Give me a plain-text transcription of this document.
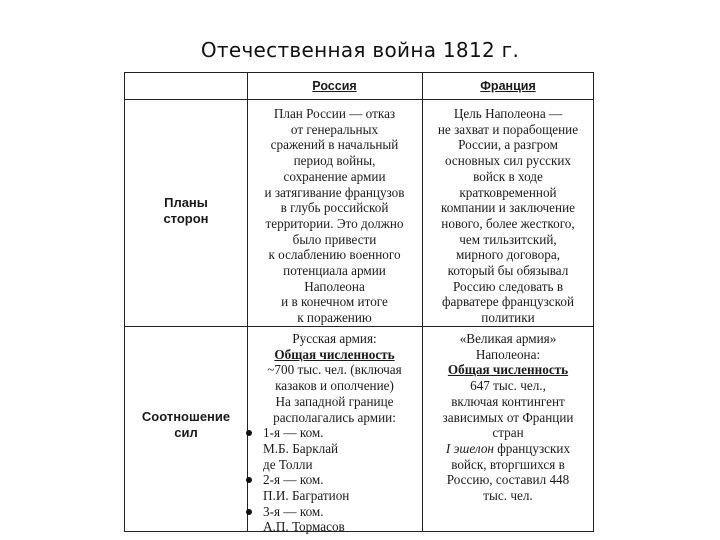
Отечественная война 1812 г.
Россия	Франция
Планы
сторон
Соотношение
сил
План России — отказ
от генеральных
сражений в начальный
период войны,
сохранение армии
и затягивание французов
в глубь российской
территории. Это должно
было привести
к ослаблению военного
потенциала армии
Наполеона
и в конечном итоге
к поражению
Цель Наполеона —
не захват и порабощение
России, а разгром
основных сил русских
войск в ходе
кратковременной
компании и заключение
нового, более жесткого,
чем тильзитский,
мирного договора,
который бы обязывал
Россию следовать в
фарватере французской
политики
Русская армия:
Общая численность
~700 тыс. чел. (включая
казаков и ополчение)
На западной границе
располагались армии:
1-я — ком.
М.Б. Барклай
де Толли
2-я — ком.
П.И. Багратион
3-я — ком.
А.П. Тормасов
«Великая армия»
Наполеона:
Общая численность
647 тыс. чел.,
включая контингент
зависимых от Франции
стран
I эшелон французских
войск, вторгшихся в
Россию, составил 448
тыс. чел.
